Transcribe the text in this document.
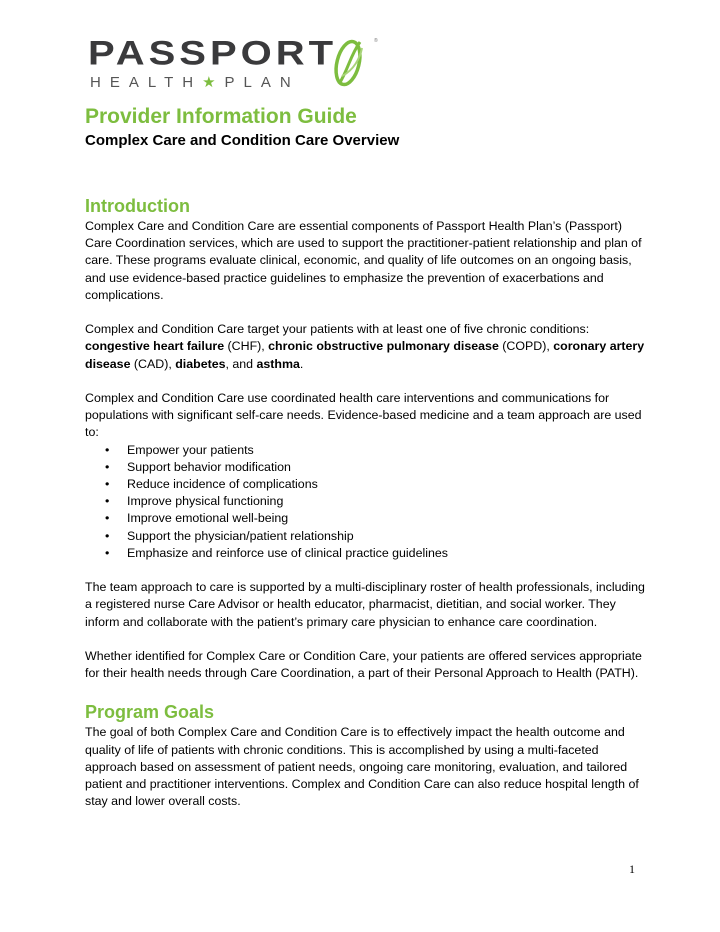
PASSPORT
HEALTH★PLAN
®
Provider Information Guide
Complex Care and Condition Care Overview
Introduction

Complex Care and Condition Care are essential components of Passport Health Plan’s (Passport) Care Coordination services, which are used to support the practitioner-patient relationship and plan of care. These programs evaluate clinical, economic, and quality of life outcomes on an ongoing basis, and use evidence-based practice guidelines to emphasize the prevention of exacerbations and complications.

Complex and Condition Care target your patients with at least one of five chronic conditions: congestive heart failure (CHF), chronic obstructive pulmonary disease (COPD), coronary artery disease (CAD), diabetes, and asthma.

Complex and Condition Care use coordinated health care interventions and communications for populations with significant self-care needs. Evidence-based medicine and a team approach are used to:

• Empower your patients
• Support behavior modification
• Reduce incidence of complications
• Improve physical functioning
• Improve emotional well-being
• Support the physician/patient relationship
• Emphasize and reinforce use of clinical practice guidelines

The team approach to care is supported by a multi-disciplinary roster of health professionals, including a registered nurse Care Advisor or health educator, pharmacist, dietitian, and social worker. They inform and collaborate with the patient’s primary care physician to enhance care coordination.

Whether identified for Complex Care or Condition Care, your patients are offered services appropriate for their health needs through Care Coordination, a part of their Personal Approach to Health (PATH).

Program Goals

The goal of both Complex Care and Condition Care is to effectively impact the health outcome and quality of life of patients with chronic conditions. This is accomplished by using a multi-faceted approach based on assessment of patient needs, ongoing care monitoring, evaluation, and tailored patient and practitioner interventions. Complex and Condition Care can also reduce hospital length of stay and lower overall costs.

1
